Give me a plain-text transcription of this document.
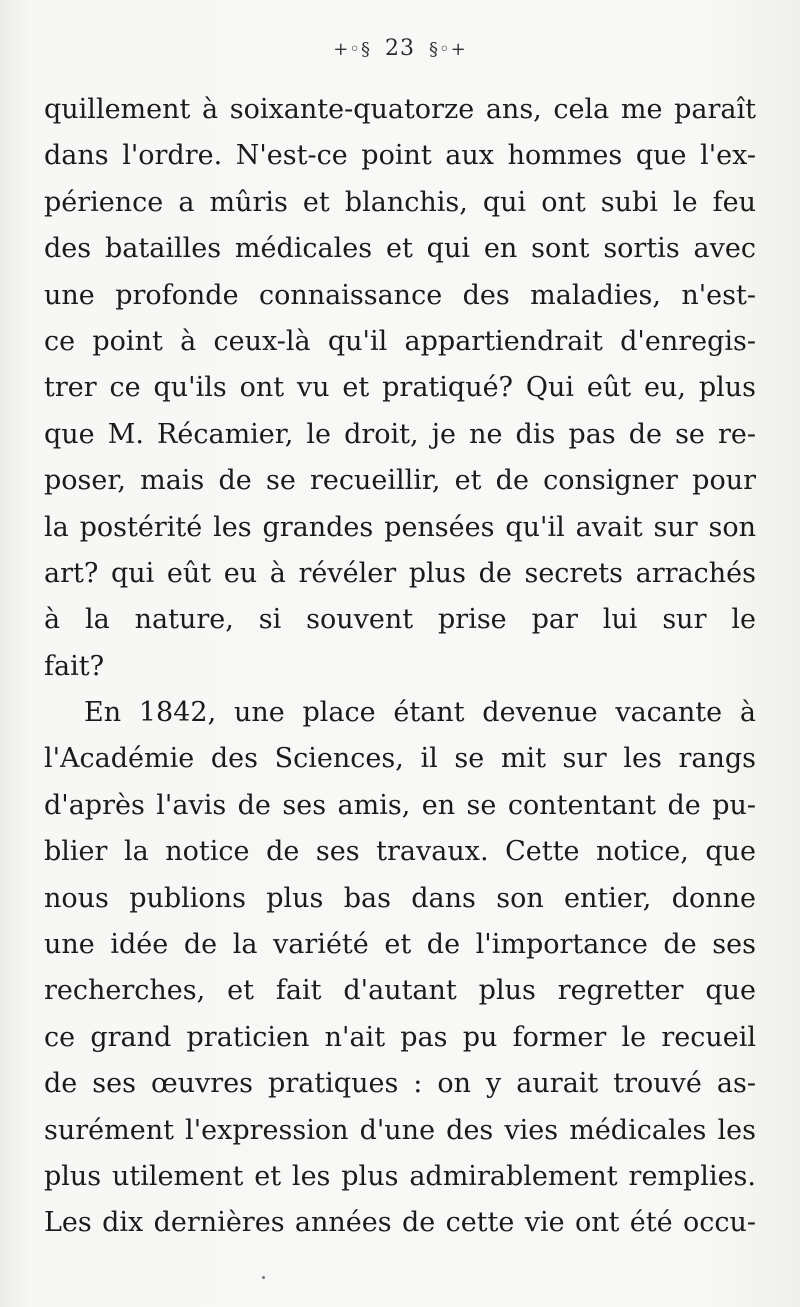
+◦§ 23 §◦+
quillement à soixante-quatorze ans, cela me paraît
dans l'ordre. N'est-ce point aux hommes que l'ex-
périence a mûris et blanchis, qui ont subi le feu
des batailles médicales et qui en sont sortis avec
une profonde connaissance des maladies, n'est-
ce point à ceux-là qu'il appartiendrait d'enregis-
trer ce qu'ils ont vu et pratiqué? Qui eût eu, plus
que M. Récamier, le droit, je ne dis pas de se re-
poser, mais de se recueillir, et de consigner pour
la postérité les grandes pensées qu'il avait sur son
art? qui eût eu à révéler plus de secrets arrachés
à la nature, si souvent prise par lui sur le
fait?
En 1842, une place étant devenue vacante à
l'Académie des Sciences, il se mit sur les rangs
d'après l'avis de ses amis, en se contentant de pu-
blier la notice de ses travaux. Cette notice, que
nous publions plus bas dans son entier, donne
une idée de la variété et de l'importance de ses
recherches, et fait d'autant plus regretter que
ce grand praticien n'ait pas pu former le recueil
de ses œuvres pratiques : on y aurait trouvé as-
surément l'expression d'une des vies médicales les
plus utilement et les plus admirablement remplies.
Les dix dernières années de cette vie ont été occu-
